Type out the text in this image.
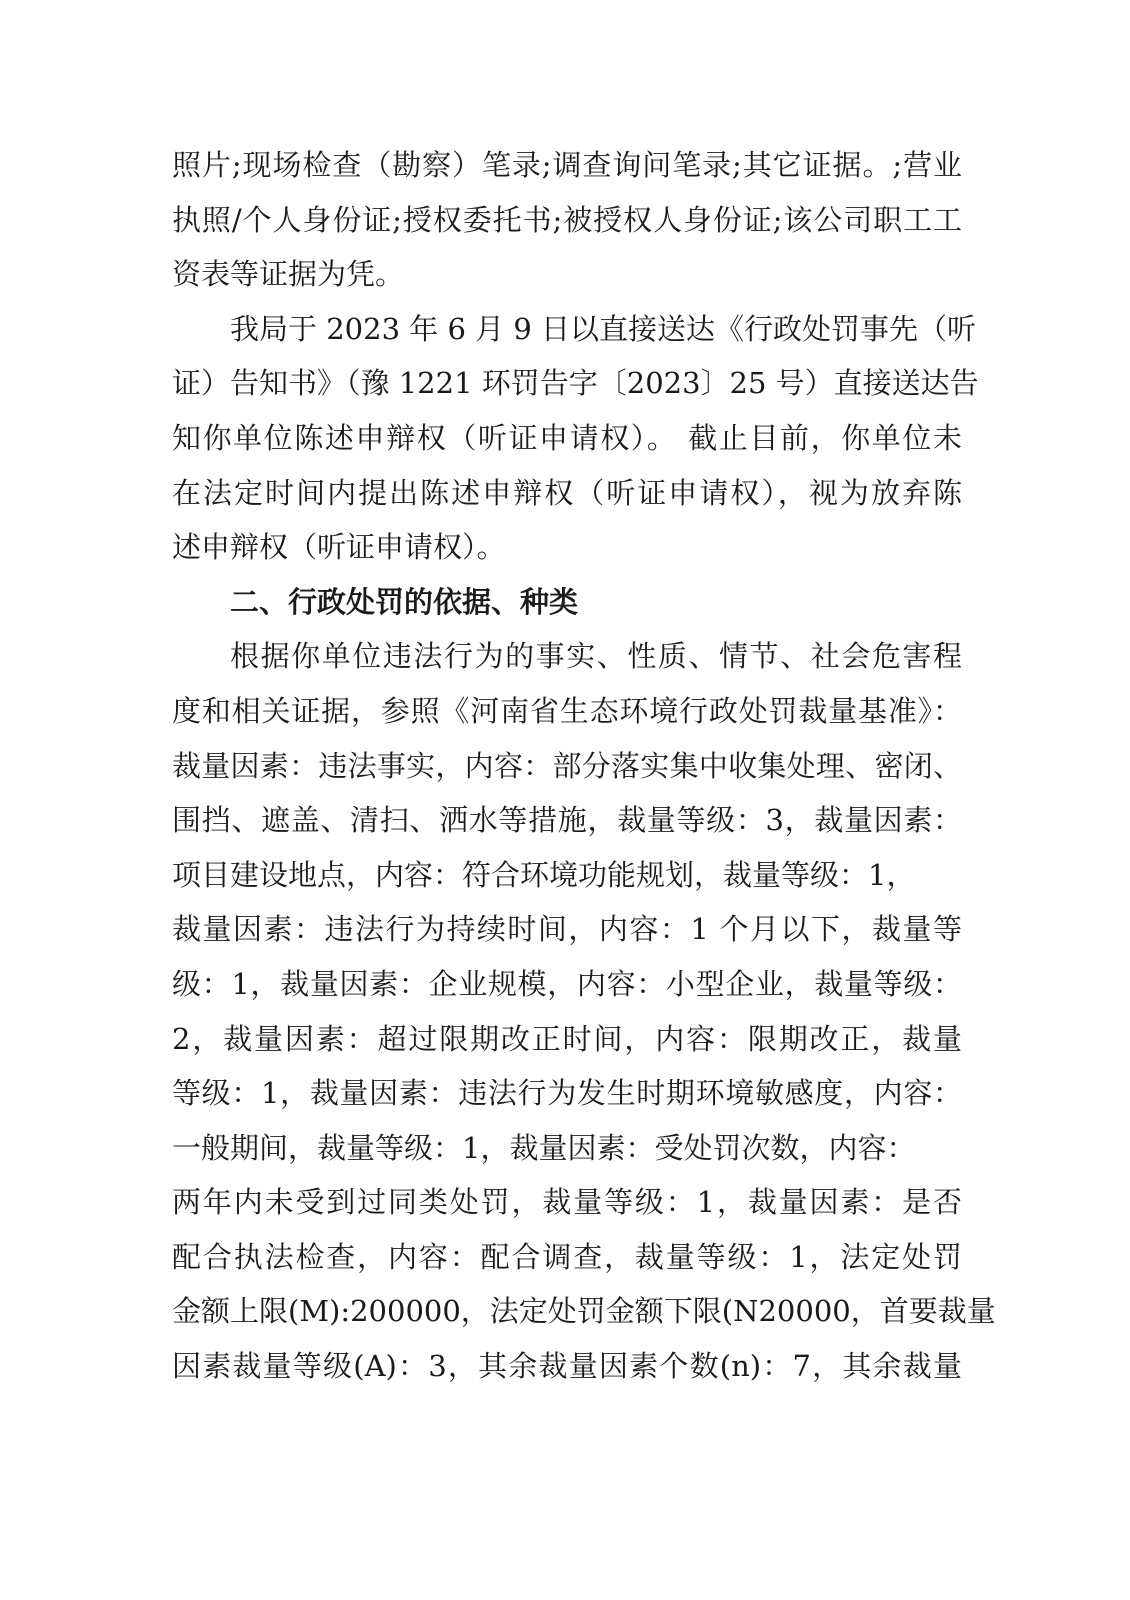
照片;现场检查（勘察）笔录;调查询问笔录;其它证据。;营业
执照/个人身份证;授权委托书;被授权人身份证;该公司职工工
资表等证据为凭。
我局于 2023 年 6 月 9 日以直接送达《行政处罚事先（听
证）告知书》（豫 1221 环罚告字〔2023〕25 号）直接送达告
知你单位陈述申辩权（听证申请权）。 截止目前，你单位未
在法定时间内提出陈述申辩权（听证申请权），视为放弃陈
述申辩权（听证申请权）。
二、行政处罚的依据、种类
根据你单位违法行为的事实、性质、情节、社会危害程
度和相关证据，参照《河南省生态环境行政处罚裁量基准》：
裁量因素：违法事实，内容：部分落实集中收集处理、密闭、
围挡、遮盖、清扫、洒水等措施，裁量等级：3，裁量因素：
项目建设地点，内容：符合环境功能规划，裁量等级：1，
裁量因素：违法行为持续时间，内容：1 个月以下，裁量等
级：1，裁量因素：企业规模，内容：小型企业，裁量等级：
2，裁量因素：超过限期改正时间，内容：限期改正，裁量
等级：1，裁量因素：违法行为发生时期环境敏感度，内容：
一般期间，裁量等级：1，裁量因素：受处罚次数，内容：
两年内未受到过同类处罚，裁量等级：1，裁量因素：是否
配合执法检查，内容：配合调查，裁量等级：1，法定处罚
金额上限(M):200000，法定处罚金额下限(N20000，首要裁量
因素裁量等级(A)：3，其余裁量因素个数(n)：7，其余裁量
